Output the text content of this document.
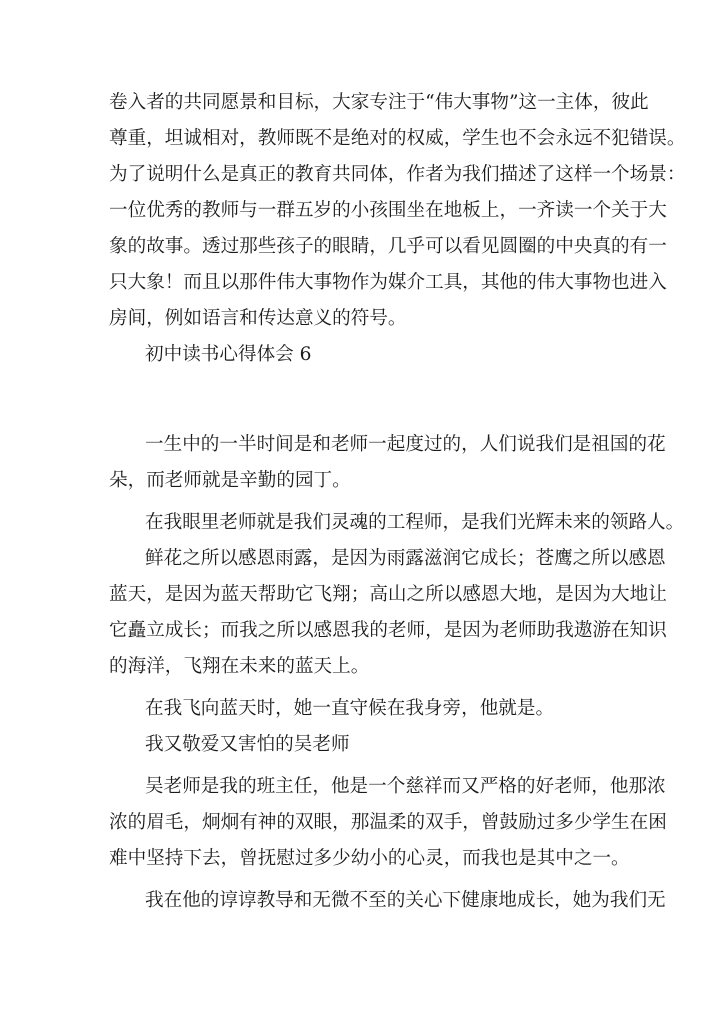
卷入者的共同愿景和目标，大家专注于“伟大事物”这一主体，彼此
尊重，坦诚相对，教师既不是绝对的权威，学生也不会永远不犯错误。
为了说明什么是真正的教育共同体，作者为我们描述了这样一个场景：
一位优秀的教师与一群五岁的小孩围坐在地板上，一齐读一个关于大
象的故事。透过那些孩子的眼睛，几乎可以看见圆圈的中央真的有一
只大象！而且以那件伟大事物作为媒介工具，其他的伟大事物也进入
房间，例如语言和传达意义的符号。
初中读书心得体会 6
一生中的一半时间是和老师一起度过的，人们说我们是祖国的花
朵，而老师就是辛勤的园丁。
在我眼里老师就是我们灵魂的工程师，是我们光辉未来的领路人。
鲜花之所以感恩雨露，是因为雨露滋润它成长；苍鹰之所以感恩
蓝天，是因为蓝天帮助它飞翔；高山之所以感恩大地，是因为大地让
它矗立成长；而我之所以感恩我的老师，是因为老师助我遨游在知识
的海洋，飞翔在未来的蓝天上。
在我飞向蓝天时，她一直守候在我身旁，他就是。
我又敬爱又害怕的吴老师
吴老师是我的班主任，他是一个慈祥而又严格的好老师，他那浓
浓的眉毛，炯炯有神的双眼，那温柔的双手，曾鼓励过多少学生在困
难中坚持下去，曾抚慰过多少幼小的心灵，而我也是其中之一。
我在他的谆谆教导和无微不至的关心下健康地成长，她为我们无
